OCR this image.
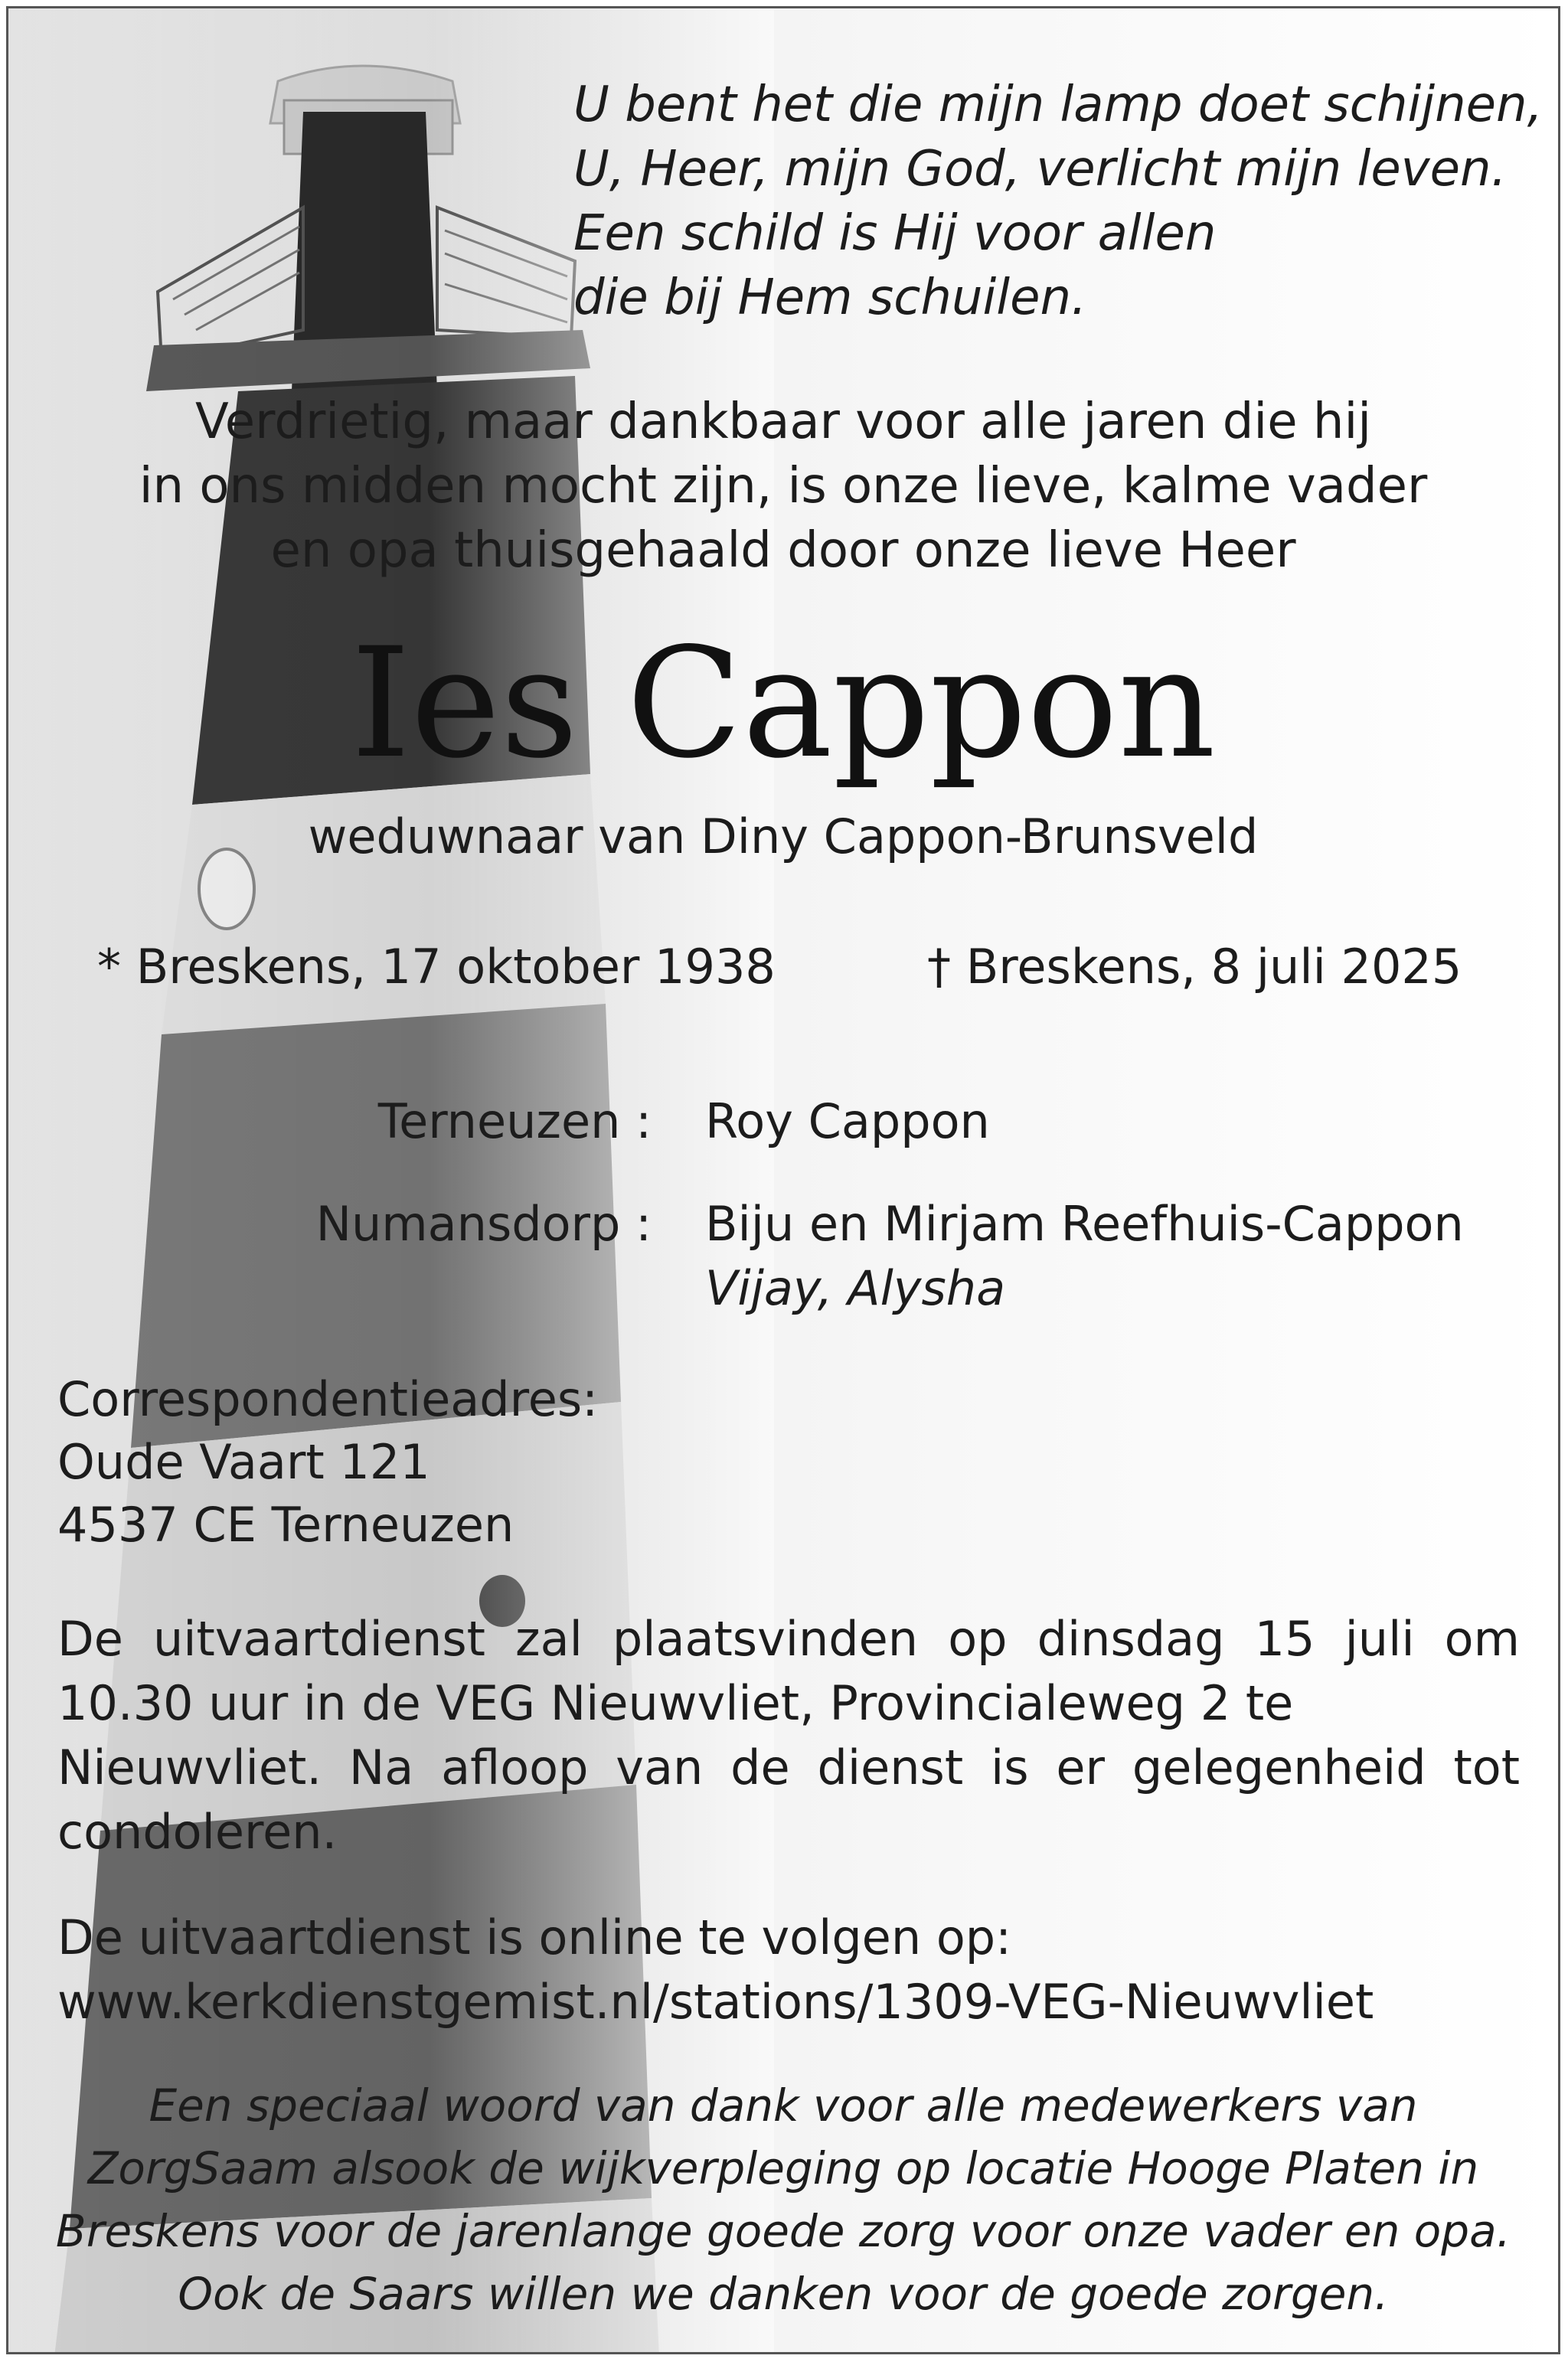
U bent het die mijn lamp doet schijnen,
U, Heer, mijn God, verlicht mijn leven.
Een schild is Hij voor allen
die bij Hem schuilen.
Verdrietig, maar dankbaar voor alle jaren die hij
in ons midden mocht zijn, is onze lieve, kalme vader
en opa thuisgehaald door onze lieve Heer
Ies Cappon
weduwnaar van Diny Cappon-Brunsveld
* Breskens, 17 oktober 1938	† Breskens, 8 juli 2025
Terneuzen : Roy Cappon
Numansdorp : Biju en Mirjam Reefhuis-Cappon
Vijay, Alysha
Correspondentieadres:
Oude Vaart 121
4537 CE Terneuzen
De uitvaartdienst zal plaatsvinden op dinsdag 15 juli om
10.30 uur in de VEG Nieuwvliet, Provincialeweg 2 te
Nieuwvliet. Na afloop van de dienst is er gelegenheid tot
condoleren.
De uitvaartdienst is online te volgen op:
www.kerkdienstgemist.nl/stations/1309-VEG-Nieuwvliet
Een speciaal woord van dank voor alle medewerkers van
ZorgSaam alsook de wijkverpleging op locatie Hooge Platen in
Breskens voor de jarenlange goede zorg voor onze vader en opa.
Ook de Saars willen we danken voor de goede zorgen.
